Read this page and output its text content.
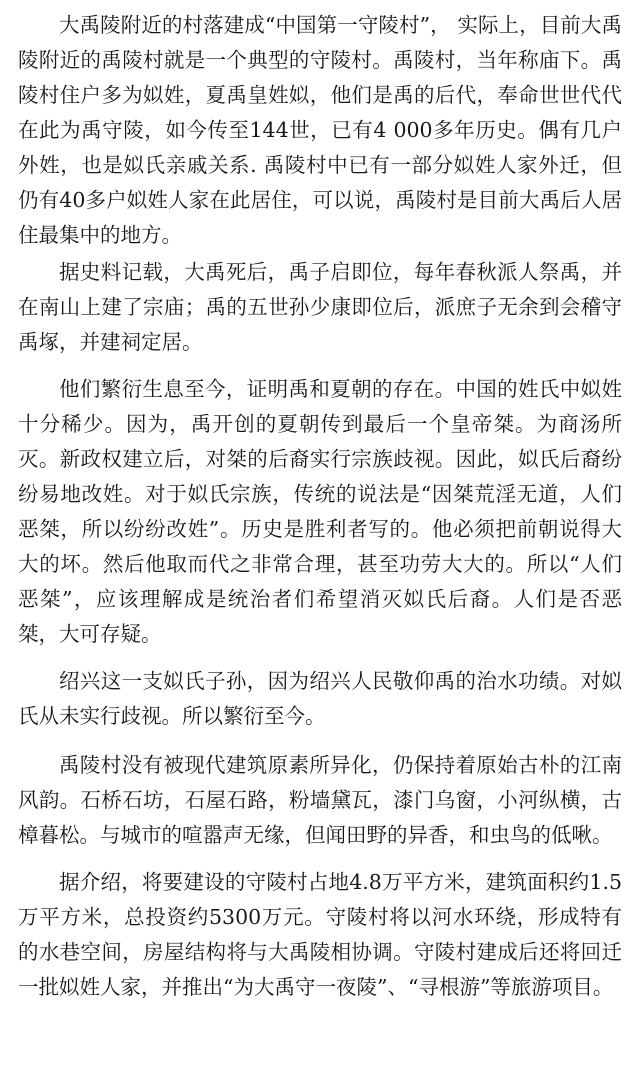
大禹陵附近的村落建成“中国第一守陵村”， 实际上，目前大禹陵附近的禹陵村就是一个典型的守陵村。禹陵村，当年称庙下。禹陵村住户多为姒姓，夏禹皇姓姒，他们是禹的后代，奉命世世代代在此为禹守陵，如今传至144世，已有4 000多年历史。偶有几户外姓，也是姒氏亲戚关系. 禹陵村中已有一部分姒姓人家外迁，但仍有40多户姒姓人家在此居住，可以说，禹陵村是目前大禹后人居住最集中的地方。

据史料记载，大禹死后，禹子启即位，每年春秋派人祭禹，并在南山上建了宗庙；禹的五世孙少康即位后，派庶子无余到会稽守禹塚，并建祠定居。

他们繁衍生息至今，证明禹和夏朝的存在。中国的姓氏中姒姓十分稀少。因为，禹开创的夏朝传到最后一个皇帝桀。为商汤所灭。新政权建立后，对桀的后裔实行宗族歧视。因此，姒氏后裔纷纷易地改姓。对于姒氏宗族，传统的说法是“因桀荒淫无道，人们恶桀，所以纷纷改姓”。历史是胜利者写的。他必须把前朝说得大大的坏。然后他取而代之非常合理，甚至功劳大大的。所以“人们恶桀”，应该理解成是统治者们希望消灭姒氏后裔。人们是否恶桀，大可存疑。

绍兴这一支姒氏子孙，因为绍兴人民敬仰禹的治水功绩。对姒氏从未实行歧视。所以繁衍至今。

禹陵村没有被现代建筑原素所异化，仍保持着原始古朴的江南风韵。石桥石坊，石屋石路，粉墙黛瓦，漆门乌窗，小河纵横，古樟暮松。与城市的喧嚣声无缘，但闻田野的异香，和虫鸟的低啾。

据介绍，将要建设的守陵村占地4.8万平方米，建筑面积约1.5万平方米，总投资约5300万元。守陵村将以河水环绕，形成特有的水巷空间，房屋结构将与大禹陵相协调。守陵村建成后还将回迁一批姒姓人家，并推出“为大禹守一夜陵”、“寻根游”等旅游项目。
